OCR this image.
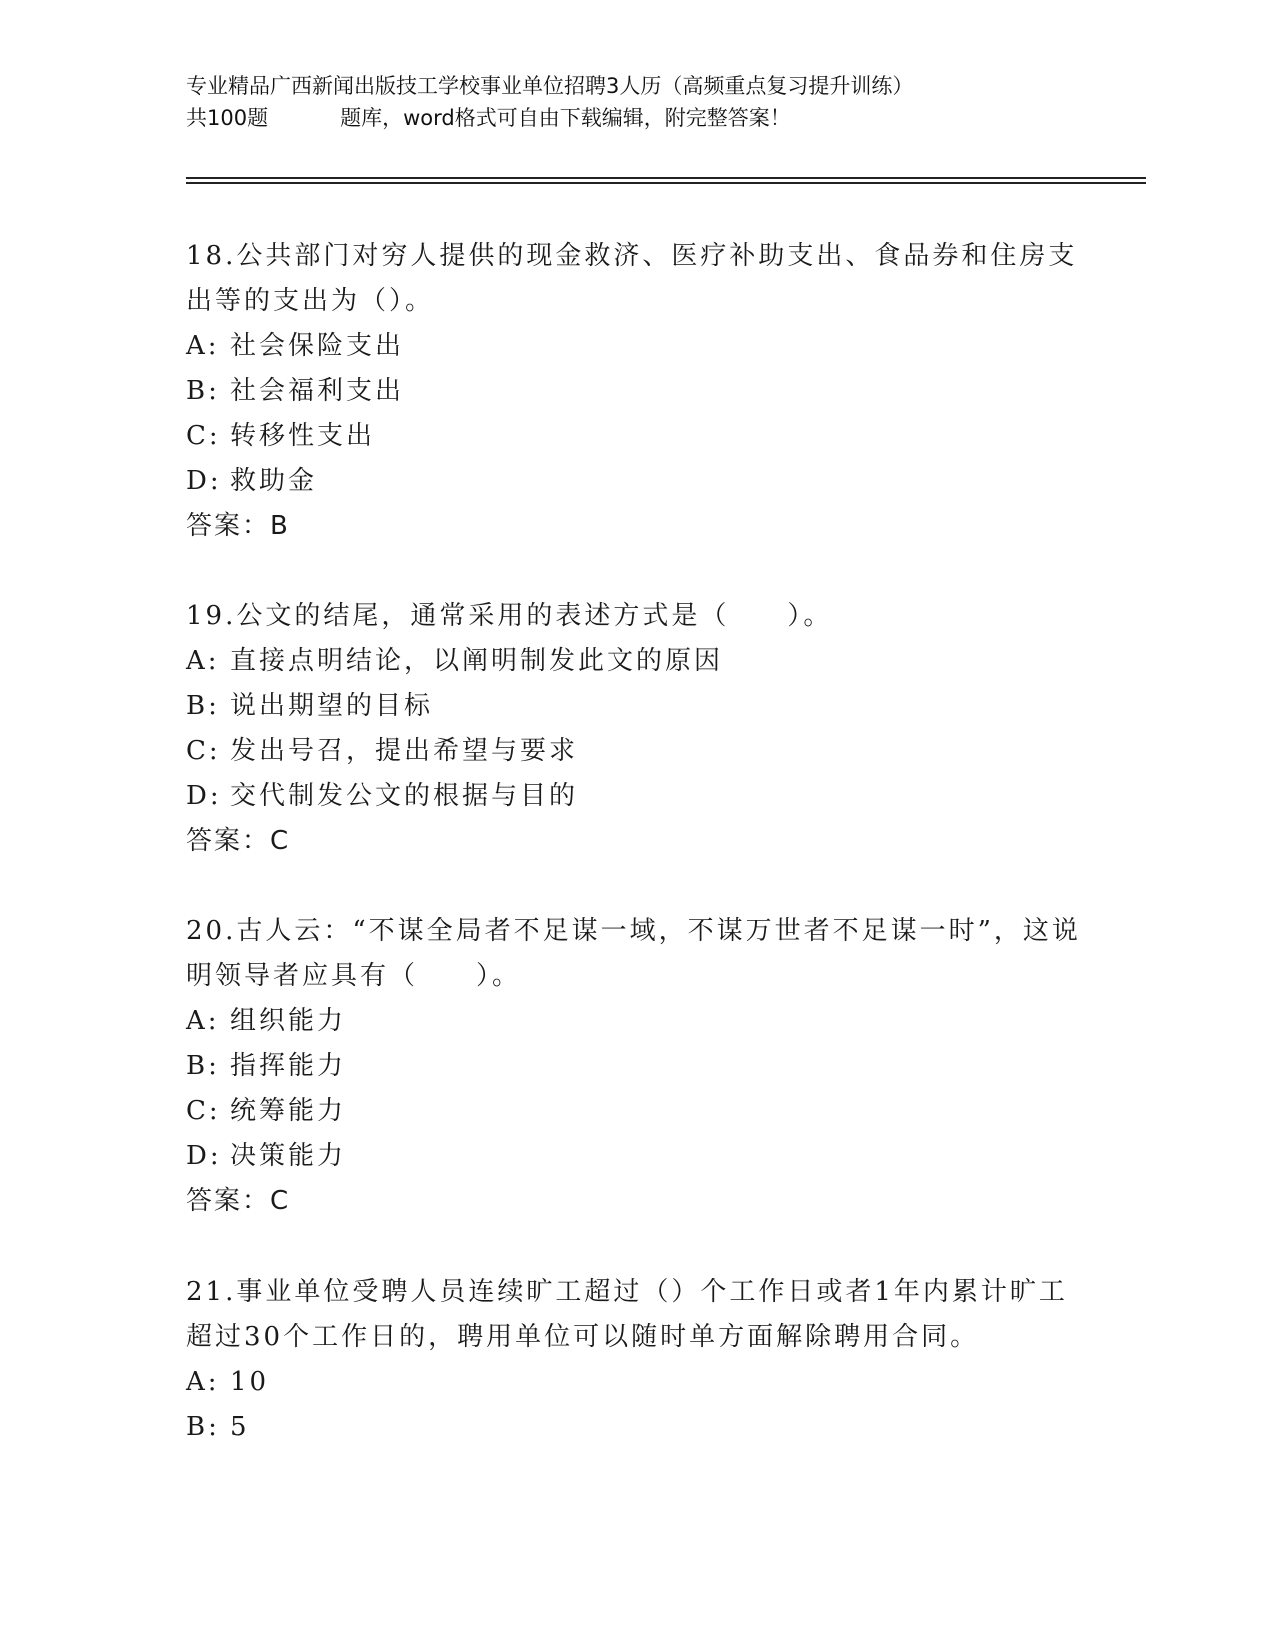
专业精品广西新闻出版技工学校事业单位招聘3人历（高频重点复习提升训练）
共100题	题库，word格式可自由下载编辑，附完整答案！

18.公共部门对穷人提供的现金救济、医疗补助支出、食品券和住房支出等的支出为（）。

A: 社会保险支出

B: 社会福利支出

C: 转移性支出

D: 救助金

答案：B

19.公文的结尾，通常采用的表述方式是（　　）。

A: 直接点明结论，以阐明制发此文的原因

B: 说出期望的目标

C: 发出号召，提出希望与要求

D: 交代制发公文的根据与目的

答案：C

20.古人云：“不谋全局者不足谋一域，不谋万世者不足谋一时”，这说明领导者应具有（　　）。

A: 组织能力

B: 指挥能力

C: 统筹能力

D: 决策能力

答案：C

21.事业单位受聘人员连续旷工超过（）个工作日或者1年内累计旷工超过30个工作日的，聘用单位可以随时单方面解除聘用合同。

A: 10

B: 5
